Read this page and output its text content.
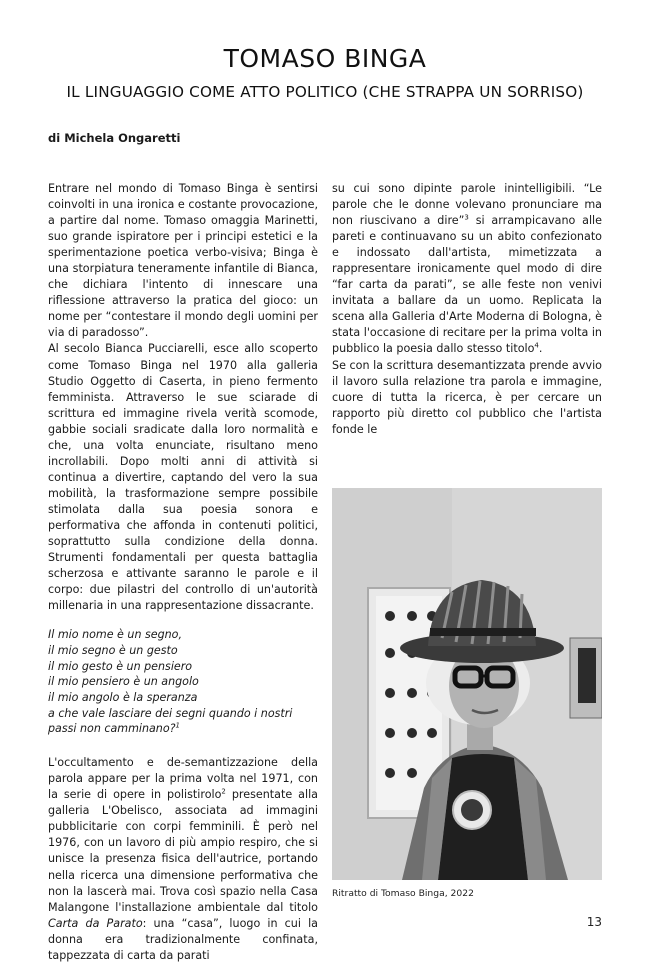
TOMASO BINGA
IL LINGUAGGIO COME ATTO POLITICO (CHE STRAPPA UN SORRISO)
di Michela Ongaretti

Entrare nel mondo di Tomaso Binga è sentirsi coinvolti in una ironica e costante provocazione, a partire dal nome. Tomaso omaggia Marinetti, suo grande ispiratore per i principi estetici e la sperimentazione poetica verbo-visiva; Binga è una storpiatura teneramente infantile di Bianca, che dichiara l'intento di innescare una riflessione attraverso la pratica del gioco: un nome per “contestare il mondo degli uomini per via di paradosso”.

Al secolo Bianca Pucciarelli, esce allo scoperto come Tomaso Binga nel 1970 alla galleria Studio Oggetto di Caserta, in pieno fermento femminista. Attraverso le sue sciarade di scrittura ed immagine rivela verità scomode, gabbie sociali sradicate dalla loro normalità e che, una volta enunciate, risultano meno incrollabili. Dopo molti anni di attività si continua a divertire, captando del vero la sua mobilità, la trasformazione sempre possibile stimolata dalla sua poesia sonora e performativa che affonda in contenuti politici, soprattutto sulla condizione della donna. Strumenti fondamentali per questa battaglia scherzosa e attivante saranno le parole e il corpo: due pilastri del controllo di un'autorità millenaria in una rappresentazione dissacrante.

Il mio nome è un segno,
il mio segno è un gesto
il mio gesto è un pensiero
il mio pensiero è un angolo
il mio angolo è la speranza
a che vale lasciare dei segni quando i nostri passi non camminano?$^1$

L'occultamento e de-semantizzazione della parola appare per la prima volta nel 1971, con la serie di opere in polistirolo$^2$ presentate alla galleria L'Obelisco, associata ad immagini pubblicitarie con corpi femminili. È però nel 1976, con un lavoro di più ampio respiro, che si unisce la presenza fisica dell'autrice, portando nella ricerca una dimensione performativa che non la lascerà mai. Trova così spazio nella Casa Malangone l'installazione ambientale dal titolo Carta da Parato: una “casa”, luogo in cui la donna era tradizionalmente confinata, tappezzata di carta da parati

su cui sono dipinte parole inintelligibili. “Le parole che le donne volevano pronunciare ma non riuscivano a dire”$^3$ si arrampicavano alle pareti e continuavano su un abito confezionato e indossato dall'artista, mimetizzata a rappresentare ironicamente quel modo di dire “far carta da parati”, se alle feste non venivi invitata a ballare da un uomo. Replicata la scena alla Galleria d'Arte Moderna di Bologna, è stata l'occasione di recitare per la prima volta in pubblico la poesia dallo stesso titolo$^4$.

Se con la scrittura desemantizzata prende avvio il lavoro sulla relazione tra parola e immagine, cuore di tutta la ricerca, è per cercare un rapporto più diretto col pubblico che l'artista fonde le

Ritratto di Tomaso Binga, 2022
13
